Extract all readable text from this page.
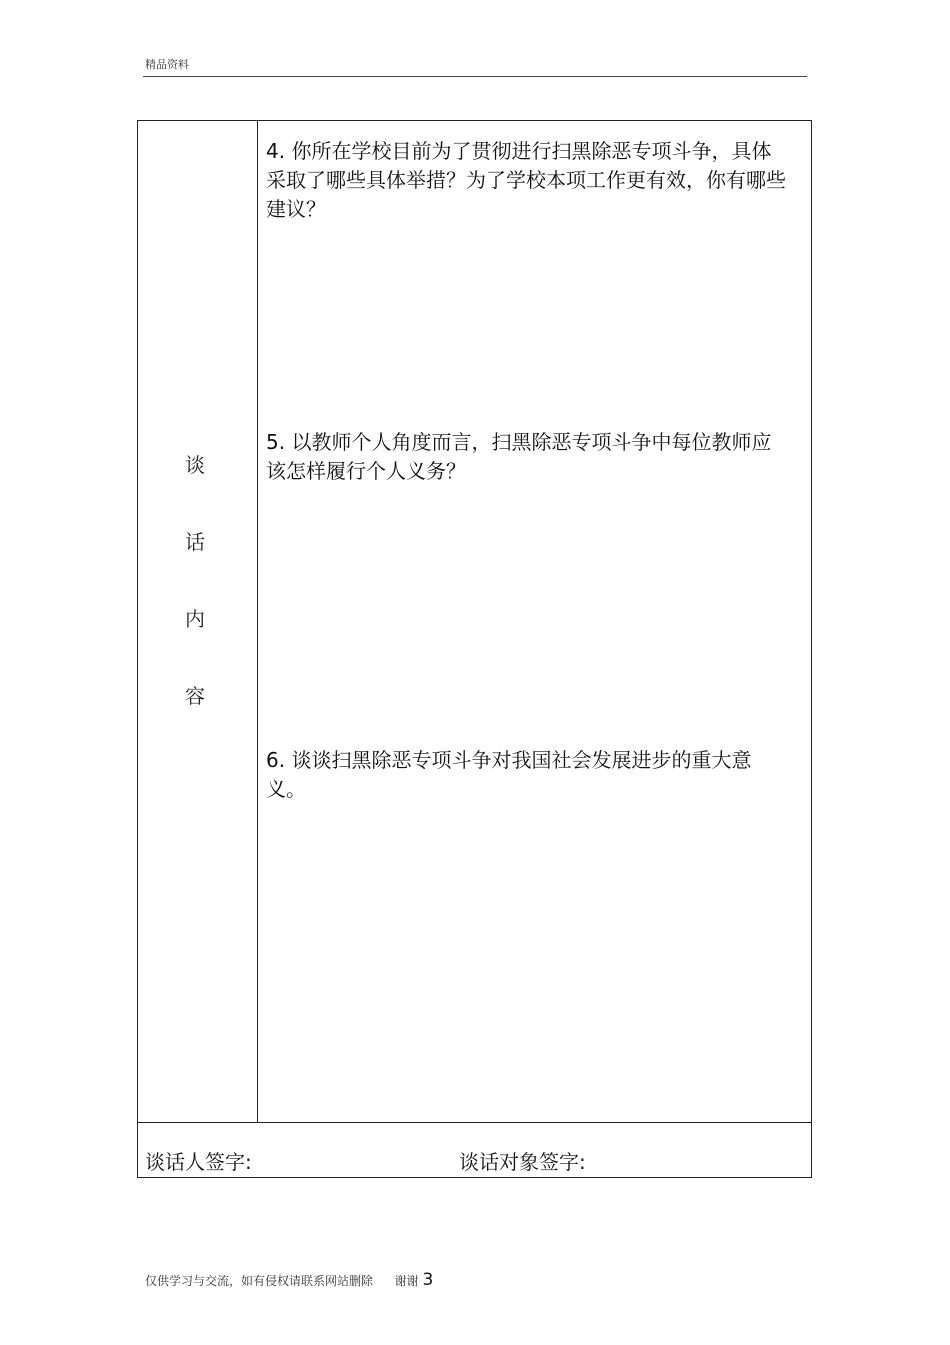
精品资料
谈
话
内
容
4. 你所在学校目前为了贯彻进行扫黑除恶专项斗争，具体采取了哪些具体举措？为了学校本项工作更有效，你有哪些建议？
5. 以教师个人角度而言，扫黑除恶专项斗争中每位教师应该怎样履行个人义务？
6. 谈谈扫黑除恶专项斗争对我国社会发展进步的重大意义。
谈话人签字:	谈话对象签字:
仅供学习与交流，如有侵权请联系网站删除 谢谢 3
